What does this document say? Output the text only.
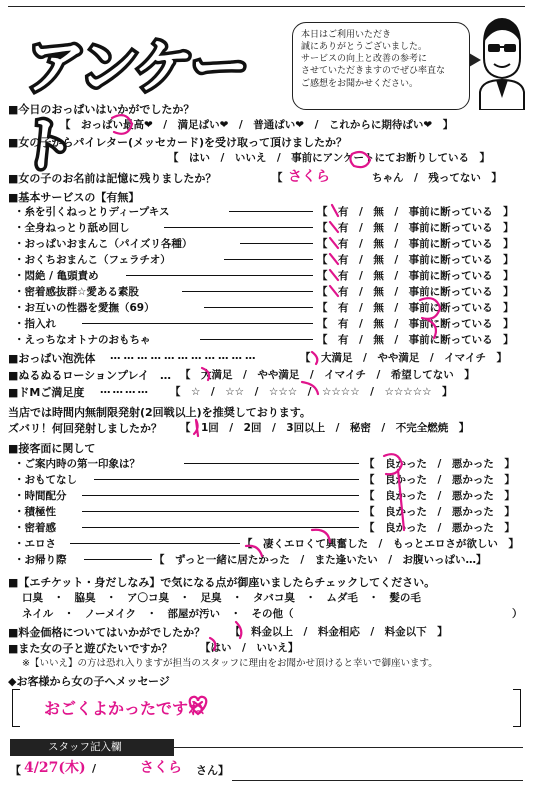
アンケート
本日はご利用いただき
誠にありがとうございました。
サービスの向上と改善の参考に
させていただきますのでぜひ率直な
ご感想をお聞かせください。
■ 今日のおっぱいはいかがでしたか？
【　おっぱい最高❤　/　満足ぱい❤　/　普通ぱい❤　/　これからに期待ぱい❤　】
■ 女の子からパイレター(メッセカード)を受け取って頂けましたか？
【　はい　/　いいえ　/　事前にアンケートにてお断りしている　】
■ 女の子のお名前は記憶に残りましたか？	【 さくら	ちゃん　/　残ってない　】
■ 基本サービスの【有無】
・糸を引くねっとりディープキス	【　有　/　無　/　事前に断っている　】
・全身ねっとり舐め回し	【　有　/　無　/　事前に断っている　】
・おっぱいおまんこ（パイズリ各種）	【　有　/　無　/　事前に断っている　】
・おくちおまんこ（フェラチオ）	【　有　/　無　/　事前に断っている　】
・悶絶 / 亀頭責め	【　有　/　無　/　事前に断っている　】
・密着感抜群☆愛ある素股	【　有　/　無　/　事前に断っている　】
・お互いの性器を愛撫（69）	【　有　/　無　/　事前に断っている　】
・指入れ	【　有　/　無　/　事前に断っている　】
・えっちなオトナのおもちゃ	【　有　/　無　/　事前に断っている　】
■ おっぱい泡洗体 ……………………………	【　大満足　/　やや満足　/　イマイチ　】
■ ぬるぬるローションプレイ　… 【　大満足　/　やや満足　/　イマイチ　/　希望してない　】
■ ドMご満足度 ………… 【　☆　/　☆☆　/　☆☆☆　/　☆☆☆☆　/　☆☆☆☆☆　】
当店では時間内無制限発射(2回戦以上)を推奨しております。
ズバリ！何回発射しましたか？ 【　1回　/　2回　/　3回以上　/　秘密　/　不完全燃焼　】
■ 接客面に関して
・ご案内時の第一印象は？	【　良かった　/　悪かった　】
・おもてなし	【　良かった　/　悪かった　】
・時間配分	【　良かった　/　悪かった　】
・積極性	【　良かった　/　悪かった　】
・密着感	【　良かった　/　悪かった　】
・エロさ	【　凄くエロくて興奮した　/　もっとエロさが欲しい　】
・お帰り際	【　ずっと一緒に居たかった　/　また逢いたい　/　お腹いっぱい…】
■ 【エチケット・身だしなみ】で気になる点が御座いましたらチェックしてください。
口臭　・　脇臭　・　ア〇コ臭　・　足臭　・　タバコ臭　・　ムダ毛　・　髪の毛
ネイル　・　ノーメイク　・　部屋が汚い　・　その他（	）
■ 料金価格についてはいかがでしたか？ 【　料金以上　/　料金相応　/　料金以下　】
■ また女の子と遊びたいですか？	【はい　/　いいえ】
※【いいえ】の方は恐れ入りますが担当のスタッフに理由をお聞かせ頂けると幸いで御座います。
◆ お客様から女の子へメッセージ
おごくよかったですね
スタッフ記入欄
【 4/27(木) /	さくら さん】
